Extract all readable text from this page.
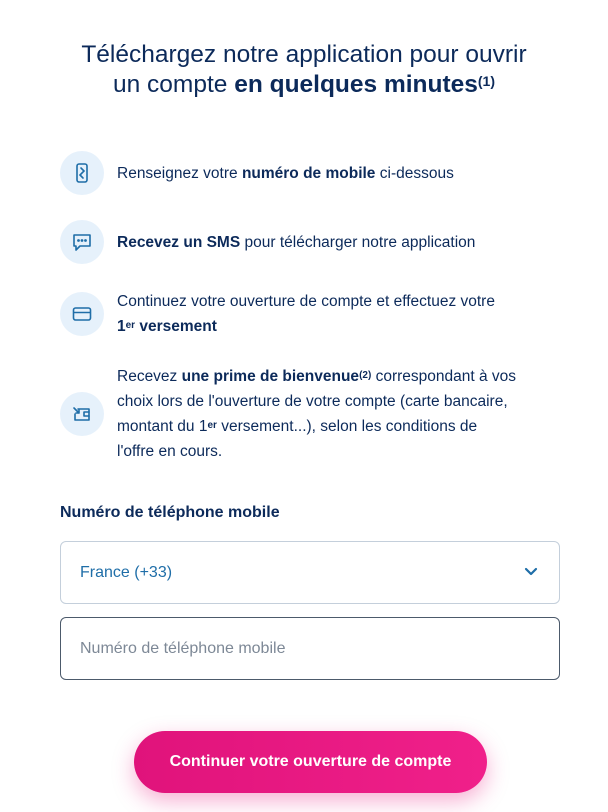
Téléchargez notre application pour ouvrir
un compte en quelques minutes$^{(1)}$
Renseignez votre numéro de mobile ci-dessous
Recevez un SMS pour télécharger notre application
Continuez votre ouverture de compte et effectuez votre
1er versement
Recevez une prime de bienvenue$^{(2)}$ correspondant à vos
choix lors de l'ouverture de votre compte (carte bancaire,
montant du 1er versement...), selon les conditions de
l'offre en cours.
Numéro de téléphone mobile
France (+33)
Numéro de téléphone mobile
Continuer votre ouverture de compte
